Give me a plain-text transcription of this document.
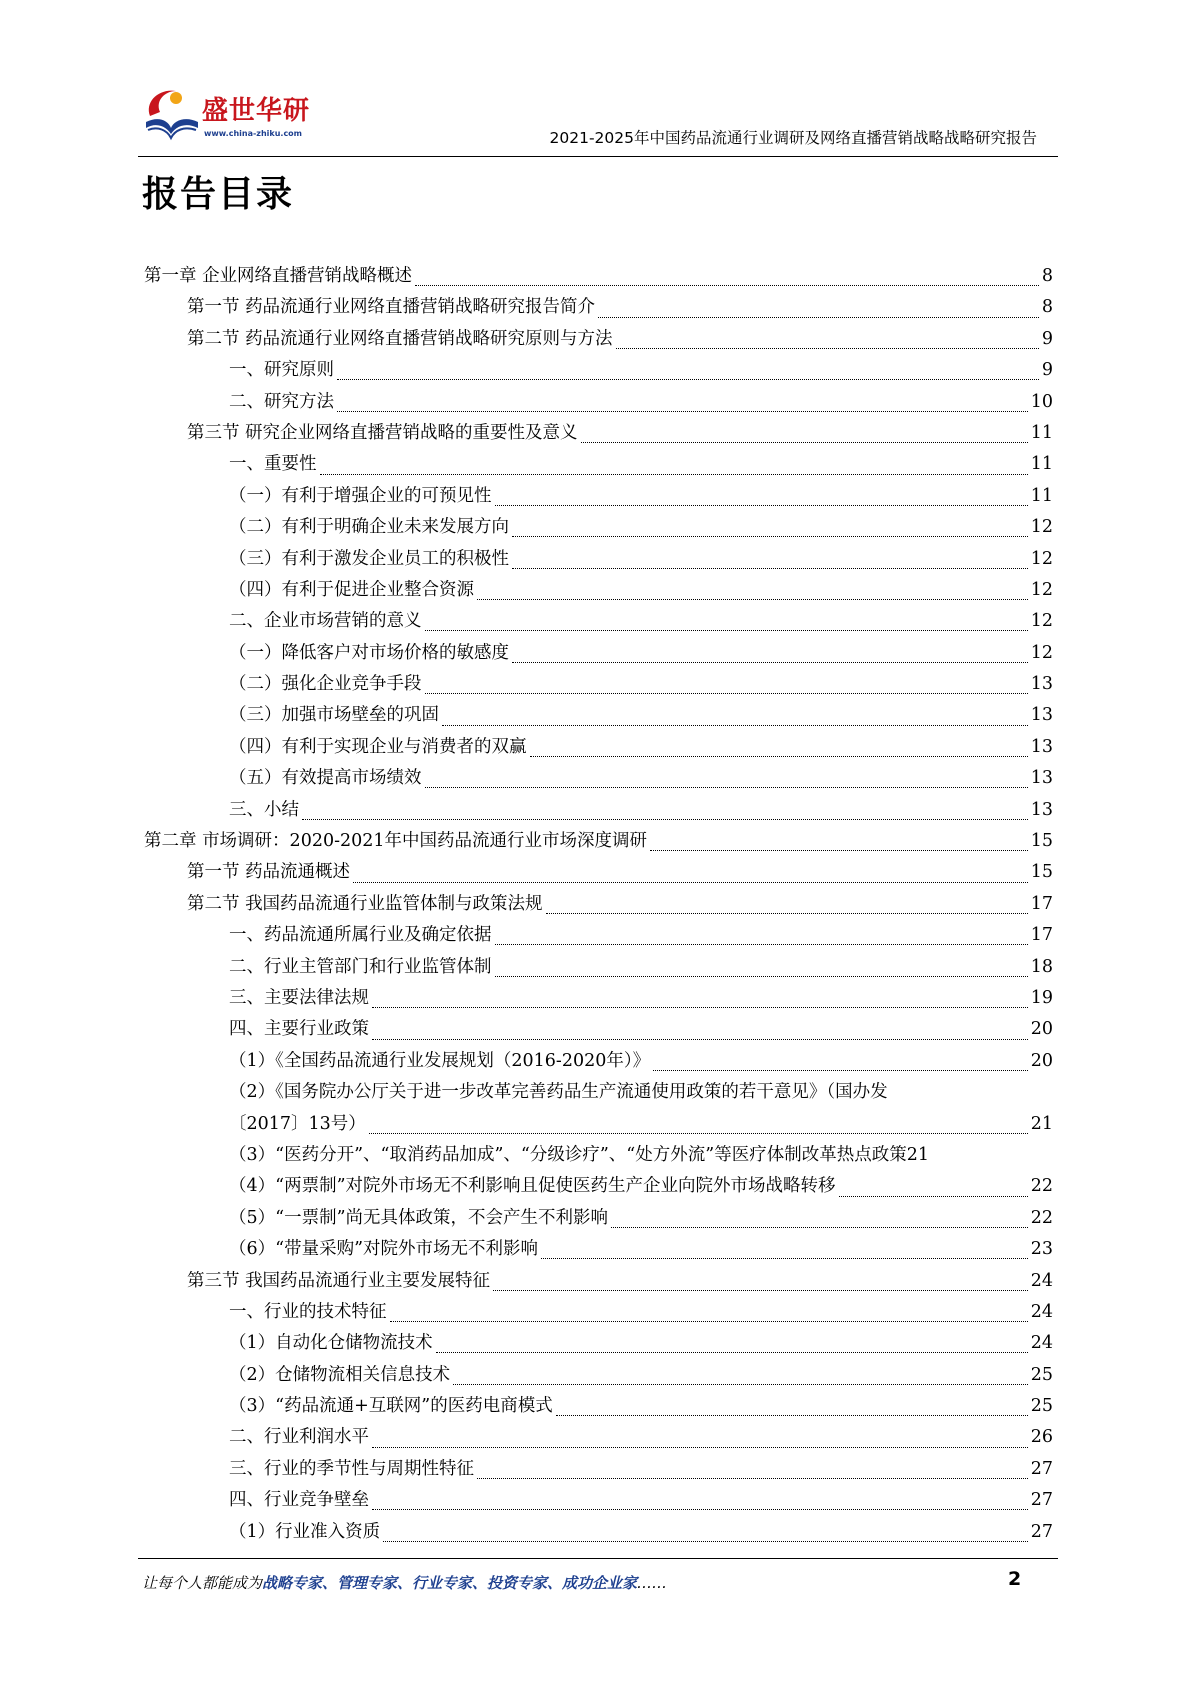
盛世华研
www.china-zhiku.com	2021-2025年中国药品流通行业调研及网络直播营销战略战略研究报告
报告目录
第一章 企业网络直播营销战略概述	8
第一节 药品流通行业网络直播营销战略研究报告简介	8
第二节 药品流通行业网络直播营销战略研究原则与方法	9
一、研究原则	9
二、研究方法	10
第三节 研究企业网络直播营销战略的重要性及意义	11
一、重要性	11
（一）有利于增强企业的可预见性	11
（二）有利于明确企业未来发展方向	12
（三）有利于激发企业员工的积极性	12
（四）有利于促进企业整合资源	12
二、企业市场营销的意义	12
（一）降低客户对市场价格的敏感度	12
（二）强化企业竞争手段	13
（三）加强市场壁垒的巩固	13
（四）有利于实现企业与消费者的双赢	13
（五）有效提高市场绩效	13
三、小结	13
第二章 市场调研：2020-2021年中国药品流通行业市场深度调研	15
第一节 药品流通概述	15
第二节 我国药品流通行业监管体制与政策法规	17
一、药品流通所属行业及确定依据	17
二、行业主管部门和行业监管体制	18
三、主要法律法规	19
四、主要行业政策	20
（1）《全国药品流通行业发展规划（2016-2020年）》	20
（2）《国务院办公厅关于进一步改革完善药品生产流通使用政策的若干意见》（国办发
〔2017〕13号）	21
（3）“医药分开”、“取消药品加成”、“分级诊疗”、“处方外流”等医疗体制改革热点政策 21
（4）“两票制”对院外市场无不利影响且促使医药生产企业向院外市场战略转移	22
（5）“一票制”尚无具体政策，不会产生不利影响	22
（6）“带量采购”对院外市场无不利影响	23
第三节 我国药品流通行业主要发展特征	24
一、行业的技术特征	24
（1）自动化仓储物流技术	24
（2）仓储物流相关信息技术	25
（3）“药品流通+互联网”的医药电商模式	25
二、行业利润水平	26
三、行业的季节性与周期性特征	27
四、行业竞争壁垒	27
（1）行业准入资质	27
让每个人都能成为战略专家、管理专家、行业专家、投资专家、成功企业家……	2
